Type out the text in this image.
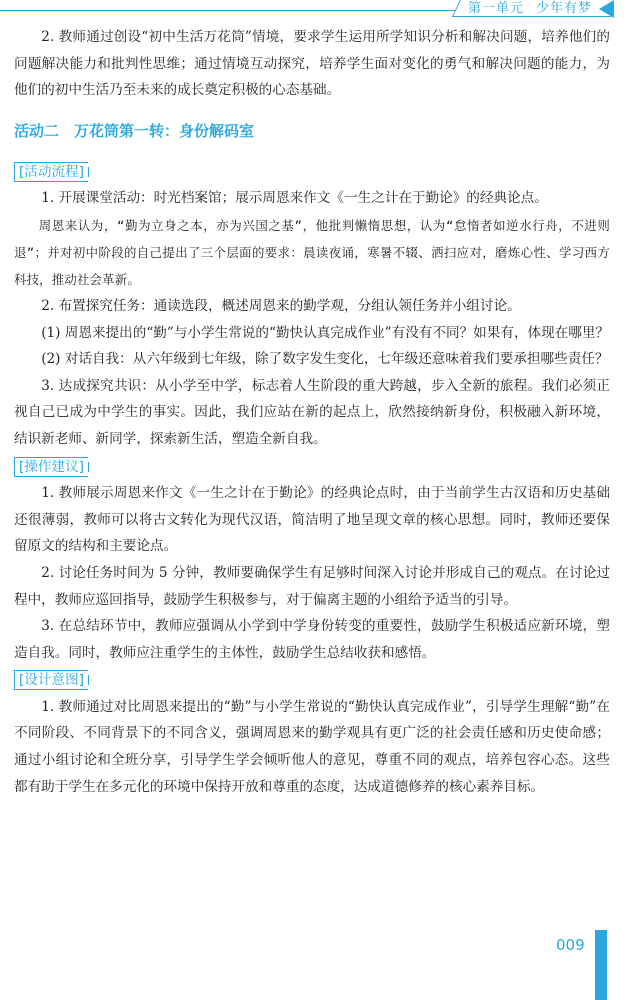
第一单元 少年有梦

2. 教师通过创设“初中生活万花筒”情境，要求学生运用所学知识分析和解决问题，培养他们的问题解决能力和批判性思维；通过情境互动探究，培养学生面对变化的勇气和解决问题的能力，为他们的初中生活乃至未来的成长奠定积极的心态基础。

活动二　万花筒第一转：身份解码室
[活动流程]

1. 开展课堂活动：时光档案馆；展示周恩来作文《一生之计在于勤论》的经典论点。

周恩来认为，“勤为立身之本，亦为兴国之基”，他批判懒惰思想，认为“怠惰者如逆水行舟，不进则退”；并对初中阶段的自己提出了三个层面的要求：晨读夜诵，寒暑不辍、洒扫应对，磨炼心性、学习西方科技，推动社会革新。

2. 布置探究任务：通读选段，概述周恩来的勤学观，分组认领任务并小组讨论。

(1) 周恩来提出的“勤”与小学生常说的“勤快认真完成作业”有没有不同？如果有，体现在哪里？

(2) 对话自我：从六年级到七年级，除了数字发生变化，七年级还意味着我们要承担哪些责任？

3. 达成探究共识：从小学至中学，标志着人生阶段的重大跨越，步入全新的旅程。我们必须正视自己已成为中学生的事实。因此，我们应站在新的起点上，欣然接纳新身份，积极融入新环境，结识新老师、新同学，探索新生活，塑造全新自我。

[操作建议]

1. 教师展示周恩来作文《一生之计在于勤论》的经典论点时，由于当前学生古汉语和历史基础还很薄弱，教师可以将古文转化为现代汉语，简洁明了地呈现文章的核心思想。同时，教师还要保留原文的结构和主要论点。

2. 讨论任务时间为 5 分钟，教师要确保学生有足够时间深入讨论并形成自己的观点。在讨论过程中，教师应巡回指导，鼓励学生积极参与，对于偏离主题的小组给予适当的引导。

3. 在总结环节中，教师应强调从小学到中学身份转变的重要性，鼓励学生积极适应新环境，塑造自我。同时，教师应注重学生的主体性，鼓励学生总结收获和感悟。

[设计意图]

1. 教师通过对比周恩来提出的“勤”与小学生常说的“勤快认真完成作业”，引导学生理解“勤”在不同阶段、不同背景下的不同含义，强调周恩来的勤学观具有更广泛的社会责任感和历史使命感；通过小组讨论和全班分享，引导学生学会倾听他人的意见，尊重不同的观点，培养包容心态。这些都有助于学生在多元化的环境中保持开放和尊重的态度，达成道德修养的核心素养目标。

009
